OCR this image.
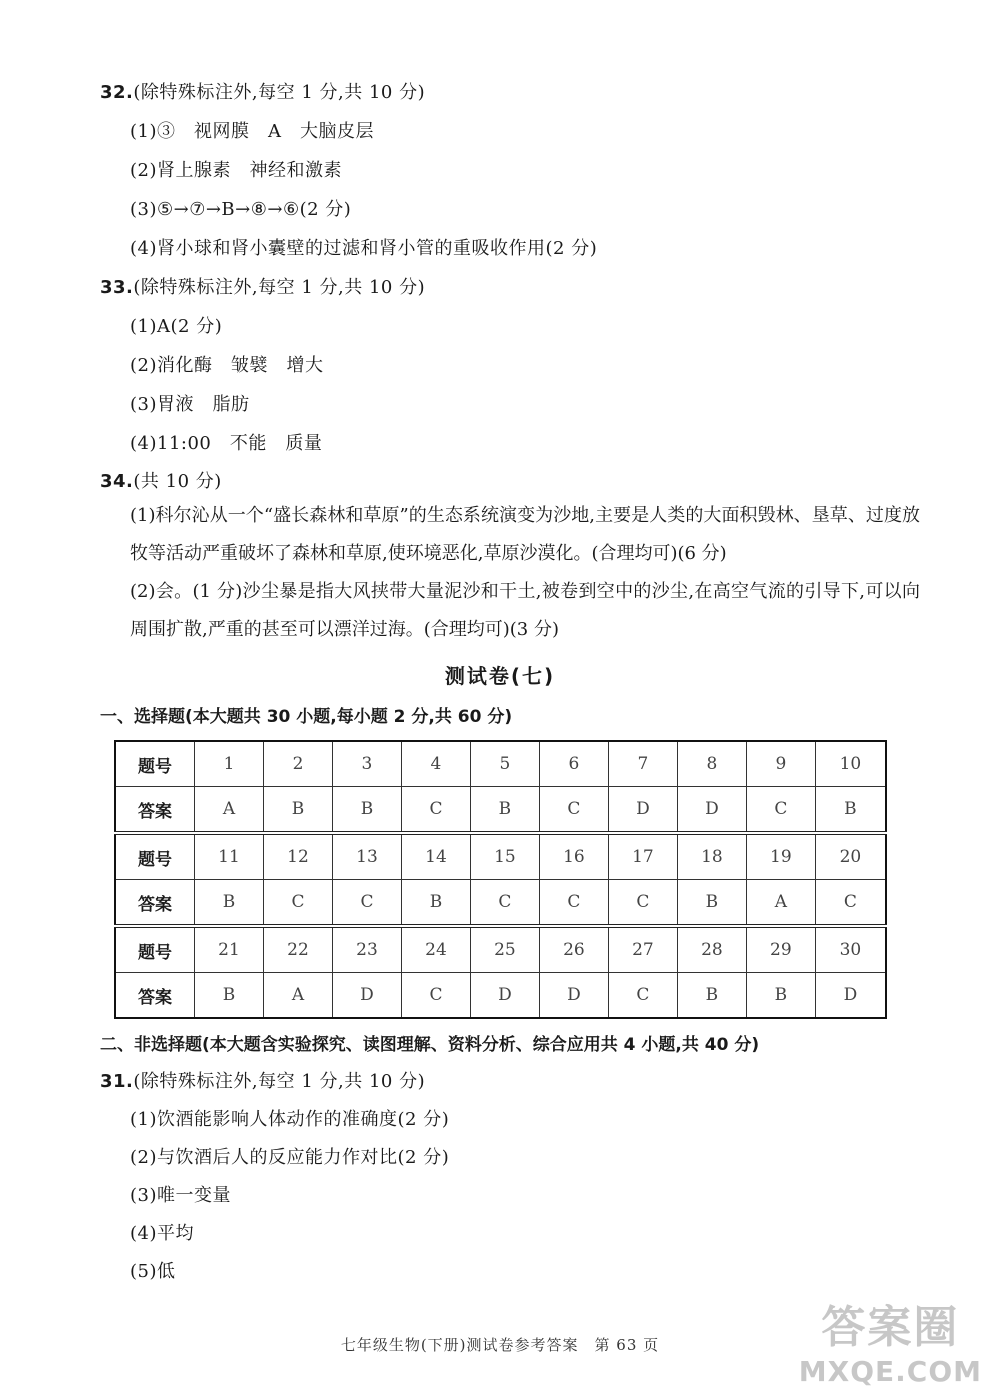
32.(除特殊标注外,每空 1 分,共 10 分)
(1)③　视网膜　A　大脑皮层
(2)肾上腺素　神经和激素
(3)⑤→⑦→B→⑧→⑥(2 分)
(4)肾小球和肾小囊壁的过滤和肾小管的重吸收作用(2 分)
33.(除特殊标注外,每空 1 分,共 10 分)
(1)A(2 分)
(2)消化酶　皱襞　增大
(3)胃液　脂肪
(4)11:00　不能　质量
34.(共 10 分)
(1)科尔沁从一个“盛长森林和草原”的生态系统演变为沙地,主要是人类的大面积毁林、垦草、过度放牧等活动严重破坏了森林和草原,使环境恶化,草原沙漠化。(合理均可)(6 分)
(2)会。(1 分)沙尘暴是指大风挟带大量泥沙和干土,被卷到空中的沙尘,在高空气流的引导下,可以向周围扩散,严重的甚至可以漂洋过海。(合理均可)(3 分)
测试卷(七)
一、选择题(本大题共 30 小题,每小题 2 分,共 60 分)
题号	1	2	3	4	5	6	7	8	9	10
答案	A	B	B	C	B	C	D	D	C	B
题号	11	12	13	14	15	16	17	18	19	20
答案	B	C	C	B	C	C	C	B	A	C
题号	21	22	23	24	25	26	27	28	29	30
答案	B	A	D	C	D	D	C	B	B	D
二、非选择题(本大题含实验探究、读图理解、资料分析、综合应用共 4 小题,共 40 分)
31.(除特殊标注外,每空 1 分,共 10 分)
(1)饮酒能影响人体动作的准确度(2 分)
(2)与饮酒后人的反应能力作对比(2 分)
(3)唯一变量
(4)平均
(5)低
七年级生物(下册)测试卷参考答案　第 63 页	答案圈
MXQE.COM
